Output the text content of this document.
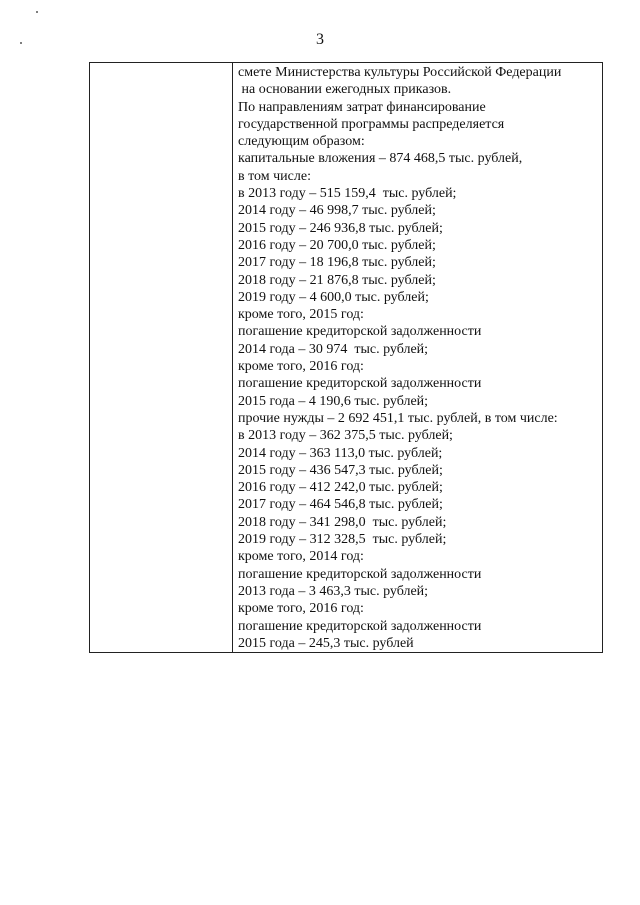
3

смете Министерства культуры Российской Федерации

на основании ежегодных приказов.

По направлениям затрат финансирование

государственной программы распределяется

следующим образом:

капитальные вложения – 874 468,5 тыс. рублей,

в том числе:

в 2013 году – 515 159,4  тыс. рублей;

2014 году – 46 998,7 тыс. рублей;

2015 году – 246 936,8 тыс. рублей;

2016 году – 20 700,0 тыс. рублей;

2017 году – 18 196,8 тыс. рублей;

2018 году – 21 876,8 тыс. рублей;

2019 году – 4 600,0 тыс. рублей;

кроме того, 2015 год:

погашение кредиторской задолженности

2014 года – 30 974  тыс. рублей;

кроме того, 2016 год:

погашение кредиторской задолженности

2015 года – 4 190,6 тыс. рублей;

прочие нужды – 2 692 451,1 тыс. рублей, в том числе:

в 2013 году – 362 375,5 тыс. рублей;

2014 году – 363 113,0 тыс. рублей;

2015 году – 436 547,3 тыс. рублей;

2016 году – 412 242,0 тыс. рублей;

2017 году – 464 546,8 тыс. рублей;

2018 году – 341 298,0  тыс. рублей;

2019 году – 312 328,5  тыс. рублей;

кроме того, 2014 год:

погашение кредиторской задолженности

2013 года – 3 463,3 тыс. рублей;

кроме того, 2016 год:

погашение кредиторской задолженности

2015 года – 245,3 тыс. рублей
